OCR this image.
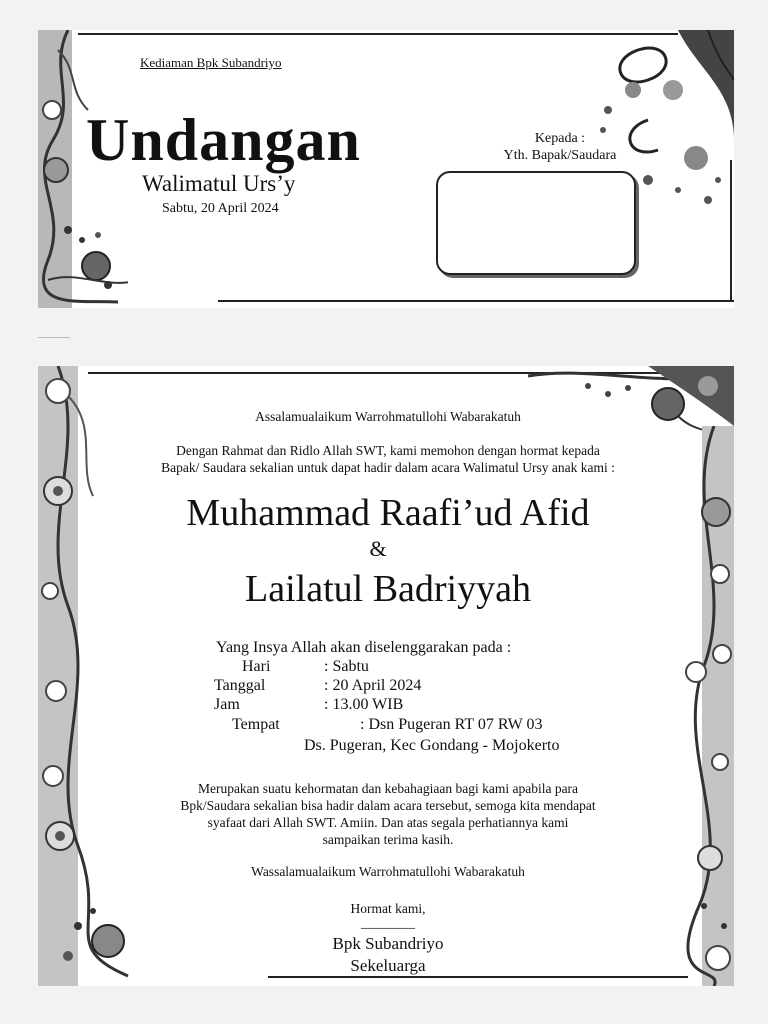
Kediaman Bpk Subandriyo
Undangan
Walimatul Urs’y
Sabtu, 20 April 2024
Kepada :
Yth. Bapak/Saudara
Assalamualaikum Warrohmatullohi Wabarakatuh
Dengan Rahmat dan Ridlo Allah SWT, kami memohon dengan hormat kepada
Bapak/ Saudara sekalian untuk dapat hadir dalam acara Walimatul Ursy anak kami :
Muhammad Raafi’ud Afid
&
Lailatul Badriyyah
Yang Insya Allah akan diselenggarakan pada :
Hari	: Sabtu
Tanggal	: 20 April 2024
Jam	: 13.00 WIB
Tempat	: Dsn Pugeran RT 07 RW 03
Ds. Pugeran, Kec Gondang - Mojokerto
Merupakan suatu kehormatan dan kebahagiaan bagi kami apabila para
Bpk/Saudara sekalian bisa hadir dalam acara tersebut, semoga kita mendapat
syafaat dari Allah SWT. Amiin. Dan atas segala perhatiannya kami
sampaikan terima kasih.
Wassalamualaikum Warrohmatullohi Wabarakatuh
Hormat kami,
________
Bpk Subandriyo
Sekeluarga
